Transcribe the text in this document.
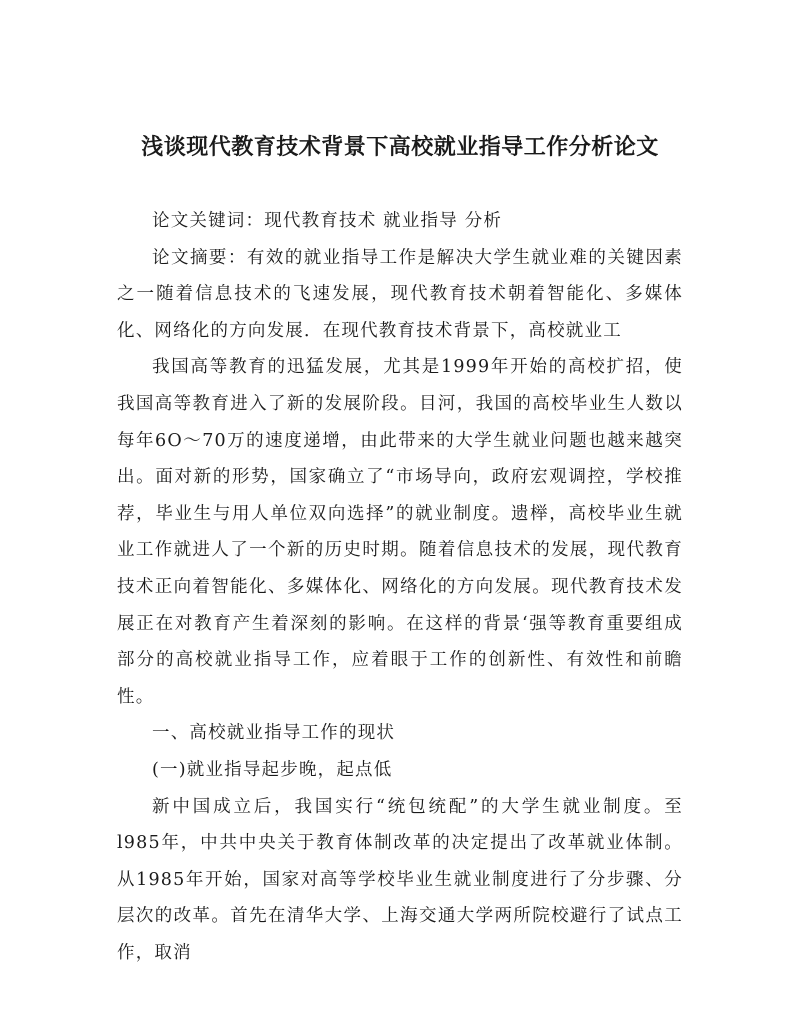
浅谈现代教育技术背景下高校就业指导工作分析论文

论文关键词：现代教育技术 就业指导 分析

论文摘要：有效的就业指导工作是解决大学生就业难的关键因素之一随着信息技术的飞速发展，现代教育技术朝着智能化、多媒体化、网络化的方向发展．在现代教育技术背景下，高校就业工

我国高等教育的迅猛发展，尤其是1999年开始的高校扩招，使我国高等教育进入了新的发展阶段。目河，我国的高校毕业生人数以每年6O～70万的速度递增，由此带来的大学生就业问题也越来越突出。面对新的形势，国家确立了“市场导向，政府宏观调控，学校推荐，毕业生与用人单位双向选择”的就业制度。遗榉，高校毕业生就业工作就进人了一个新的历史时期。随着信息技术的发展，现代教育技术正向着智能化、多媒体化、网络化的方向发展。现代教育技术发展正在对教育产生着深刻的影响。在这样的背景‘强等教育重要组成部分的高校就业指导工作，应着眼于工作的创新性、有效性和前瞻性。

一、高校就业指导工作的现状

(一)就业指导起步晚，起点低

新中国成立后，我国实行“统包统配”的大学生就业制度。至l985年，中共中央关于教育体制改革的决定提出了改革就业体制。从1985年开始，国家对高等学校毕业生就业制度进行了分步骤、分层次的改革。首先在清华大学、上海交通大学两所院校避行了试点工作，取消
